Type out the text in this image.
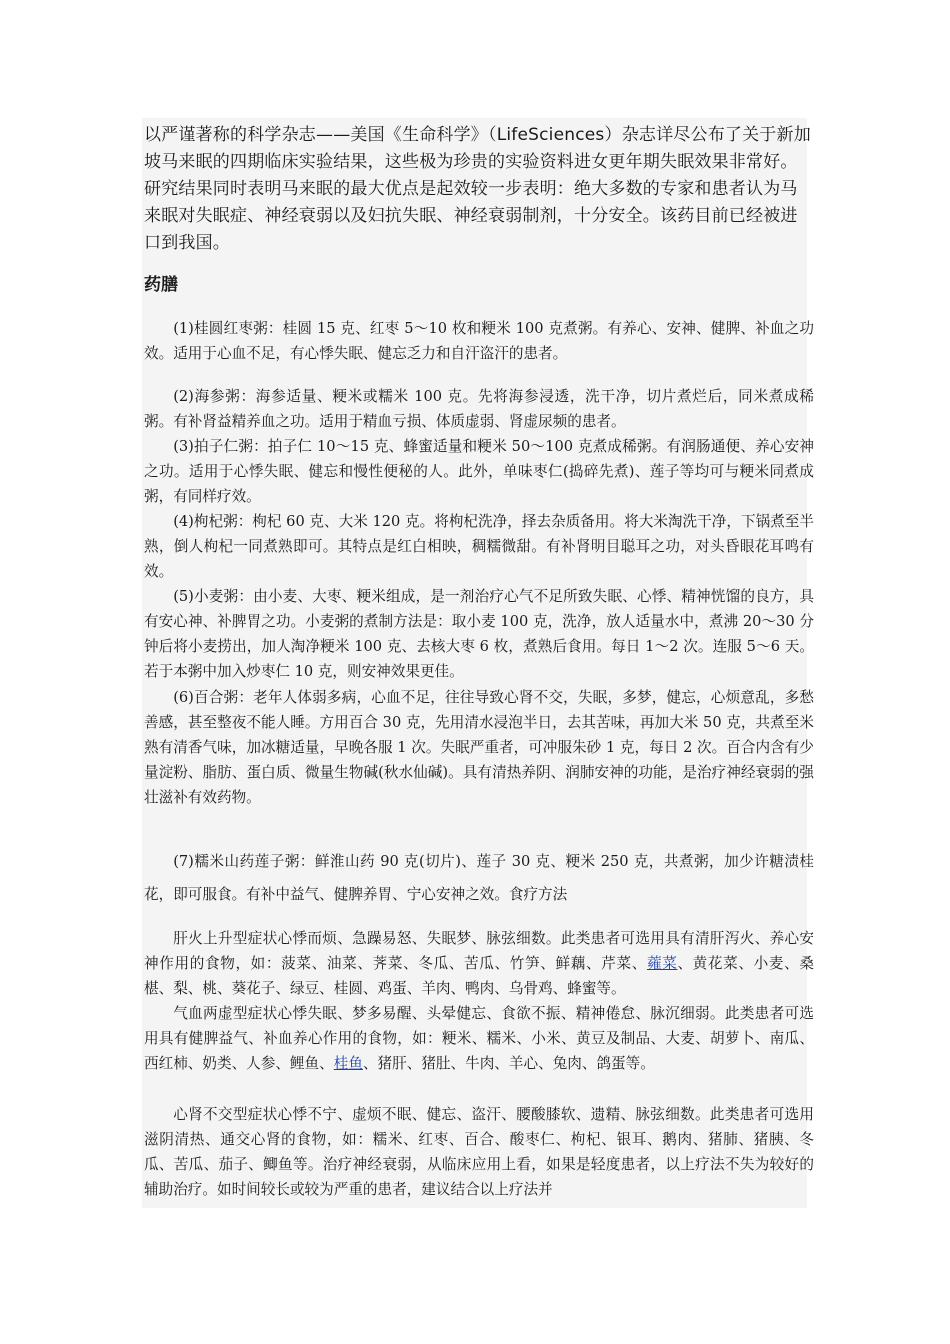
以严谨著称的科学杂志——美国《生命科学》（LifeSciences）杂志详尽公布了关于新加坡马来眠的四期临床实验结果，这些极为珍贵的实验资料进女更年期失眠效果非常好。研究结果同时表明马来眠的最大优点是起效较一步表明：绝大多数的专家和患者认为马来眠对失眠症、神经衰弱以及妇抗失眠、神经衰弱制剂，十分安全。该药目前已经被进口到我国。

药膳

(1)桂圆红枣粥：桂圆 15 克、红枣 5～10 枚和粳米 100 克煮粥。有养心、安神、健脾、补血之功效。适用于心血不足，有心悸失眠、健忘乏力和自汗盗汗的患者。

(2)海参粥：海参适量、粳米或糯米 100 克。先将海参浸透，洗干净，切片煮烂后，同米煮成稀粥。有补肾益精养血之功。适用于精血亏损、体质虚弱、肾虚尿频的患者。

(3)拍子仁粥：拍子仁 10～15 克、蜂蜜适量和粳米 50～100 克煮成稀粥。有润肠通便、养心安神之功。适用于心悸失眠、健忘和慢性便秘的人。此外，单味枣仁(捣碎先煮)、莲子等均可与粳米同煮成粥，有同样疗效。

(4)枸杞粥：枸杞 60 克、大米 120 克。将枸杞洗净，择去杂质备用。将大米淘洗干净，下锅煮至半熟，倒人枸杞一同煮熟即可。其特点是红白相映，稠糯微甜。有补肾明目聪耳之功，对头昏眼花耳鸣有效。

(5)小麦粥：由小麦、大枣、粳米组成，是一剂治疗心气不足所致失眠、心悸、精神恍馏的良方，具有安心神、补脾胃之功。小麦粥的煮制方法是：取小麦 100 克，洗净，放人适量水中，煮沸 20～30 分钟后将小麦捞出，加人淘净粳米 100 克、去核大枣 6 枚，煮熟后食用。每日 1～2 次。连服 5～6 天。若于本粥中加入炒枣仁 10 克，则安神效果更佳。

(6)百合粥：老年人体弱多病，心血不足，往往导致心肾不交，失眠，多梦，健忘，心烦意乱，多愁善感，甚至整夜不能人睡。方用百合 30 克，先用清水浸泡半日，去其苦味，再加大米 50 克，共煮至米熟有清香气味，加冰糖适量，早晚各服 1 次。失眠严重者，可冲服朱砂 1 克，每日 2 次。百合内含有少量淀粉、脂肪、蛋白质、微量生物碱(秋水仙碱)。具有清热养阴、润肺安神的功能，是治疗神经衰弱的强壮滋补有效药物。

(7)糯米山药莲子粥：鲜淮山药 90 克(切片)、莲子 30 克、粳米 250 克，共煮粥，加少许糖渍桂花，即可服食。有补中益气、健脾养胃、宁心安神之效。食疗方法

肝火上升型症状心悸而烦、急躁易怒、失眠梦、脉弦细数。此类患者可选用具有清肝泻火、养心安神作用的食物，如：菠菜、油菜、荠菜、冬瓜、苦瓜、竹笋、鲜藕、芹菜、蕹菜、黄花菜、小麦、桑椹、梨、桃、葵花子、绿豆、桂圆、鸡蛋、羊肉、鸭肉、乌骨鸡、蜂蜜等。

气血两虚型症状心悸失眠、梦多易醒、头晕健忘、食欲不振、精神倦怠、脉沉细弱。此类患者可选用具有健脾益气、补血养心作用的食物，如：粳米、糯米、小米、黄豆及制品、大麦、胡萝卜、南瓜、西红柿、奶类、人参、鲤鱼、桂鱼、猪肝、猪肚、牛肉、羊心、兔肉、鸽蛋等。

心肾不交型症状心悸不宁、虚烦不眠、健忘、盗汗、腰酸膝软、遗精、脉弦细数。此类患者可选用滋阴清热、通交心肾的食物，如：糯米、红枣、百合、酸枣仁、枸杞、银耳、鹅肉、猪肺、猪胰、冬瓜、苦瓜、茄子、鲫鱼等。治疗神经衰弱，从临床应用上看，如果是轻度患者，以上疗法不失为较好的辅助治疗。如时间较长或较为严重的患者，建议结合以上疗法并
